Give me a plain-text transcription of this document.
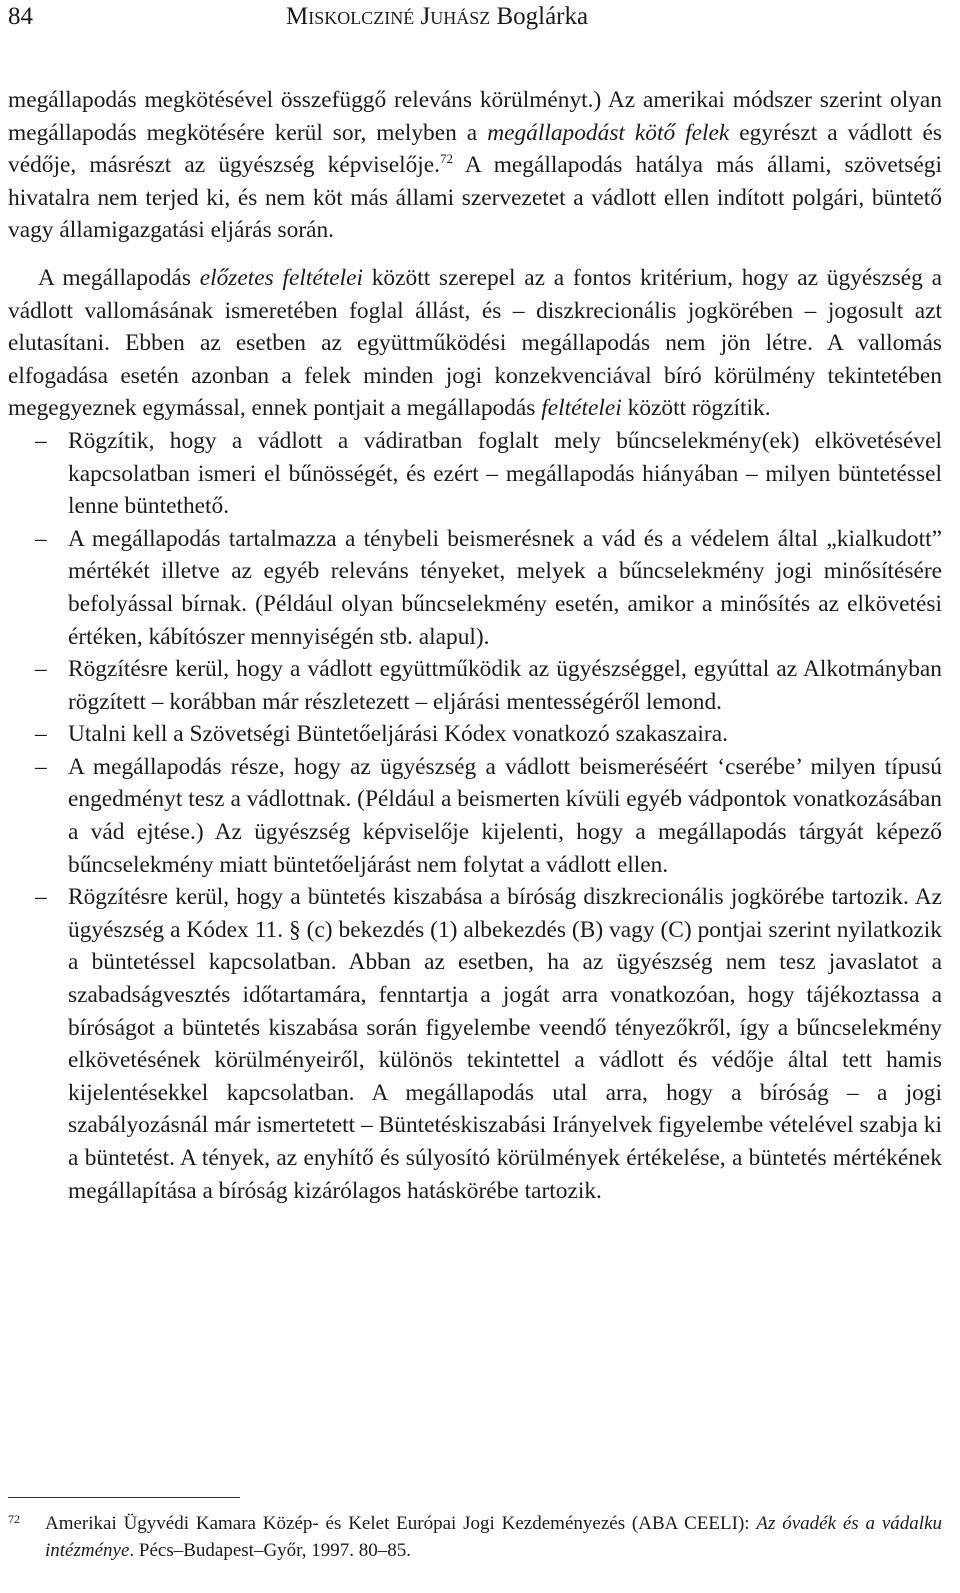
84	Miskolcziné Juhász Boglárka

megállapodás megkötésével összefüggő releváns körülményt.) Az amerikai módszer szerint olyan megállapodás megkötésére kerül sor, melyben a megállapodást kötő felek egyrészt a vádlott és védője, másrészt az ügyészség képviselője.$^{72}$ A megállapodás hatálya más állami, szövetségi hivatalra nem terjed ki, és nem köt más állami szervezetet a vádlott ellen indított polgári, büntető vagy államigazgatási eljárás során.

A megállapodás előzetes feltételei között szerepel az a fontos kritérium, hogy az ügyészség a vádlott vallomásának ismeretében foglal állást, és – diszkrecionális jogkörében – jogosult azt elutasítani. Ebben az esetben az együttműködési megállapodás nem jön létre. A vallomás elfogadása esetén azonban a felek minden jogi konzekvenciával bíró körülmény tekintetében megegyeznek egymással, ennek pontjait a megállapodás feltételei között rögzítik.

– Rögzítik, hogy a vádlott a vádiratban foglalt mely bűncselekmény(ek) elkövetésével kapcsolatban ismeri el bűnösségét, és ezért – megállapodás hiányában – milyen büntetéssel lenne büntethető.
– A megállapodás tartalmazza a ténybeli beismerésnek a vád és a védelem által „kialkudott” mértékét illetve az egyéb releváns tényeket, melyek a bűncselekmény jogi minősítésére befolyással bírnak. (Például olyan bűncselekmény esetén, amikor a minősítés az elkövetési értéken, kábítószer mennyiségén stb. alapul).
– Rögzítésre kerül, hogy a vádlott együttműködik az ügyészséggel, egyúttal az Alkotmányban rögzített – korábban már részletezett – eljárási mentességéről lemond.
– Utalni kell a Szövetségi Büntetőeljárási Kódex vonatkozó szakaszaira.
– A megállapodás része, hogy az ügyészség a vádlott beismeréséért ‘cserébe’ milyen típusú engedményt tesz a vádlottnak. (Például a beismerten kívüli egyéb vádpontok vonatkozásában a vád ejtése.) Az ügyészség képviselője kijelenti, hogy a megállapodás tárgyát képező bűncselekmény miatt büntetőeljárást nem folytat a vádlott ellen.
– Rögzítésre kerül, hogy a büntetés kiszabása a bíróság diszkrecionális jogkörébe tartozik. Az ügyészség a Kódex 11. § (c) bekezdés (1) albekezdés (B) vagy (C) pontjai szerint nyilatkozik a büntetéssel kapcsolatban. Abban az esetben, ha az ügyészség nem tesz javaslatot a szabadságvesztés időtartamára, fenntartja a jogát arra vonatkozóan, hogy tájékoztassa a bíróságot a büntetés kiszabása során figyelembe veendő tényezőkről, így a bűncselekmény elkövetésének körülményeiről, különös tekintettel a vádlott és védője által tett hamis kijelentésekkel kapcsolatban. A megállapodás utal arra, hogy a bíróság – a jogi szabályozásnál már ismertetett – Büntetéskiszabási Irányelvek figyelembe vételével szabja ki a büntetést. A tények, az enyhítő és súlyosító körülmények értékelése, a büntetés mértékének megállapítása a bíróság kizárólagos hatáskörébe tartozik.
72 Amerikai Ügyvédi Kamara Közép- és Kelet Európai Jogi Kezdeményezés (ABA CEELI): Az óvadék és a vádalku intézménye. Pécs–Budapest–Győr, 1997. 80–85.
